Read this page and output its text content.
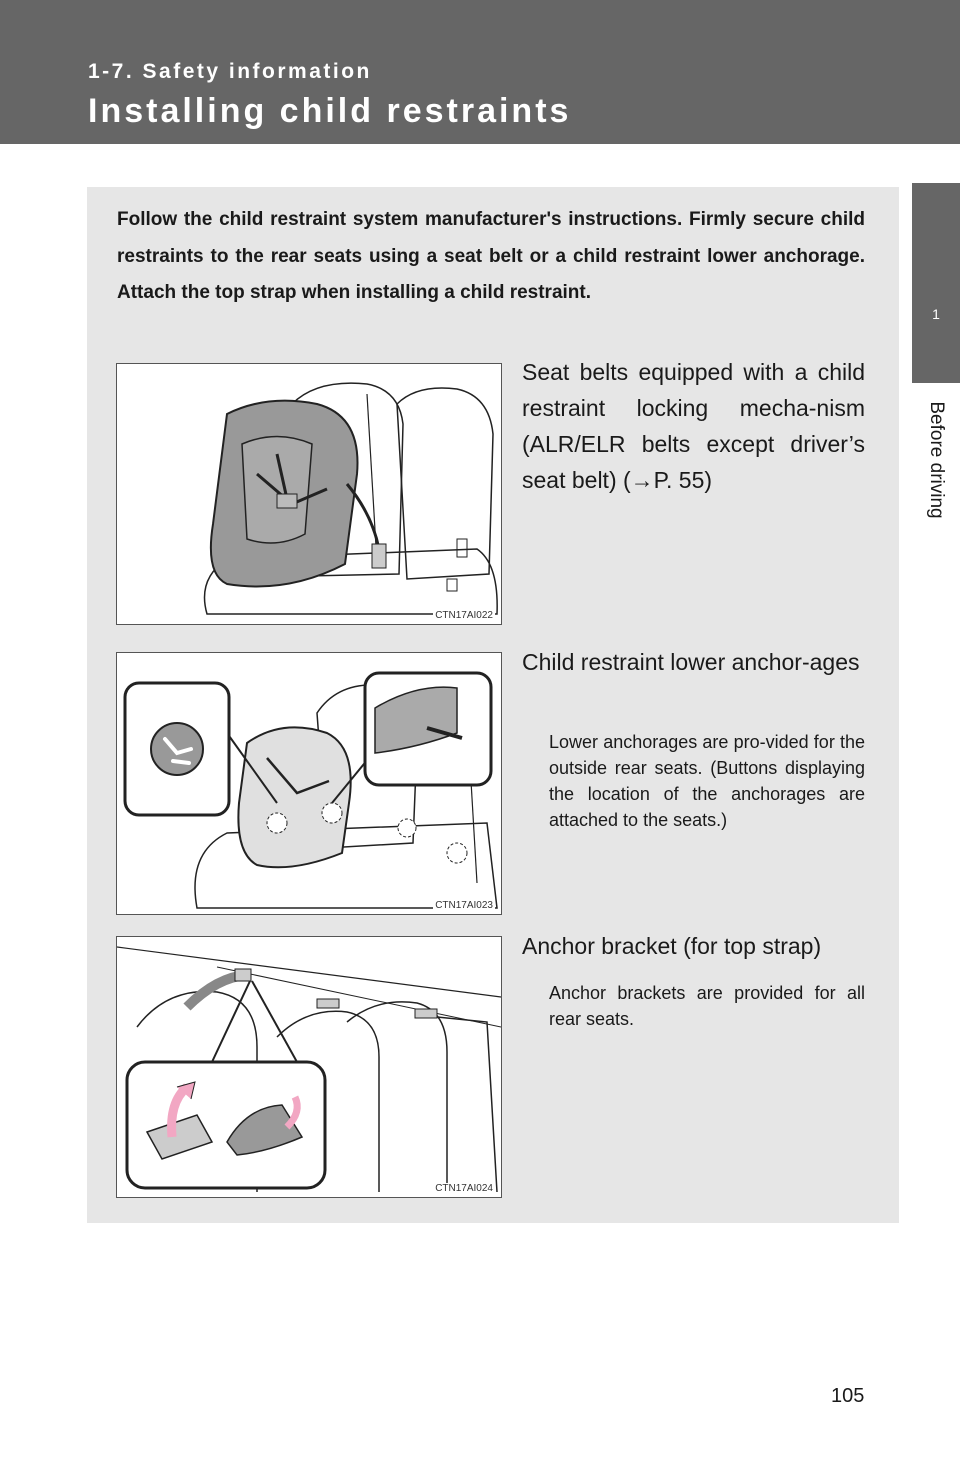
1-7. Safety information
Installing child restraints
1
Before driving
Follow the child restraint system manufacturer's instructions. Firmly secure child restraints to the rear seats using a seat belt or a child restraint lower anchorage. Attach the top strap when installing a child restraint.
CTN17AI022
CTN17AI023
CTN17AI024
Seat belts equipped with a child restraint locking mecha-nism (ALR/ELR belts except driver’s seat belt) (→P. 55)
Child restraint lower anchor-ages
Lower anchorages are pro-vided for the outside rear seats. (Buttons displaying the location of the anchorages are attached to the seats.)
Anchor bracket (for top strap)
Anchor brackets are provided for all rear seats.
105
